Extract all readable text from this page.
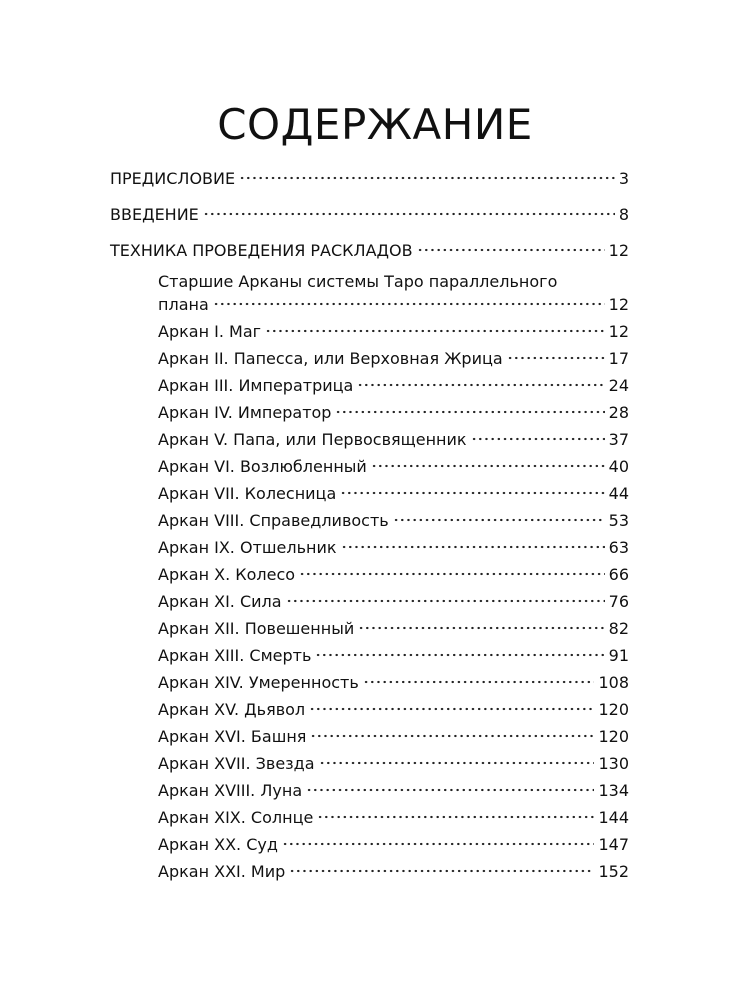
СОДЕРЖАНИЕ
ПРЕДИСЛОВИЕ	3
ВВЕДЕНИЕ	8
ТЕХНИКА ПРОВЕДЕНИЯ РАСКЛАДОВ	12
Старшие Арканы системы Таро параллельного
плана	12
Аркан I. Маг	12
Аркан II. Папесса, или Верховная Жрица	17
Аркан III. Императрица	24
Аркан IV. Император	28
Аркан V. Папа, или Первосвященник	37
Аркан VI. Возлюбленный	40
Аркан VII. Колесница	44
Аркан VIII. Справедливость	53
Аркан IX. Отшельник	63
Аркан X. Колесо	66
Аркан XI. Сила	76
Аркан XII. Повешенный	82
Аркан XIII. Смерть	91
Аркан XIV. Умеренность	108
Аркан XV. Дьявол	120
Аркан XVI. Башня	120
Аркан XVII. Звезда	130
Аркан XVIII. Луна	134
Аркан XIX. Солнце	144
Аркан XX. Суд	147
Аркан XXI. Мир	152
